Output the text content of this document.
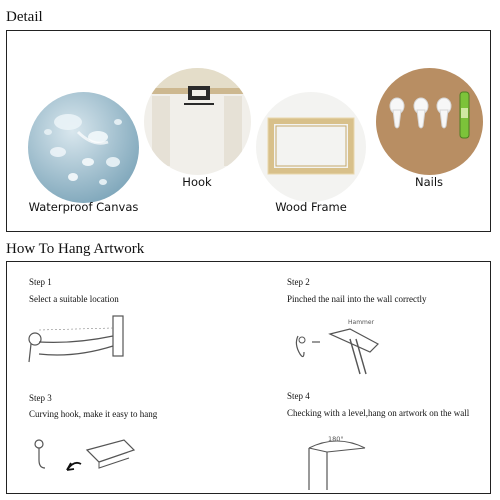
Detail
Waterproof Canvas
Hook
Wood Frame
Nails
How To Hang Artwork
Step 1
Select a suitable location
Step 2
Pinched the nail into the wall correctly
Hammer
Step 3
Curving hook, make it easy to hang
Step 4
Checking with a level,hang on artwork on the wall
180°
